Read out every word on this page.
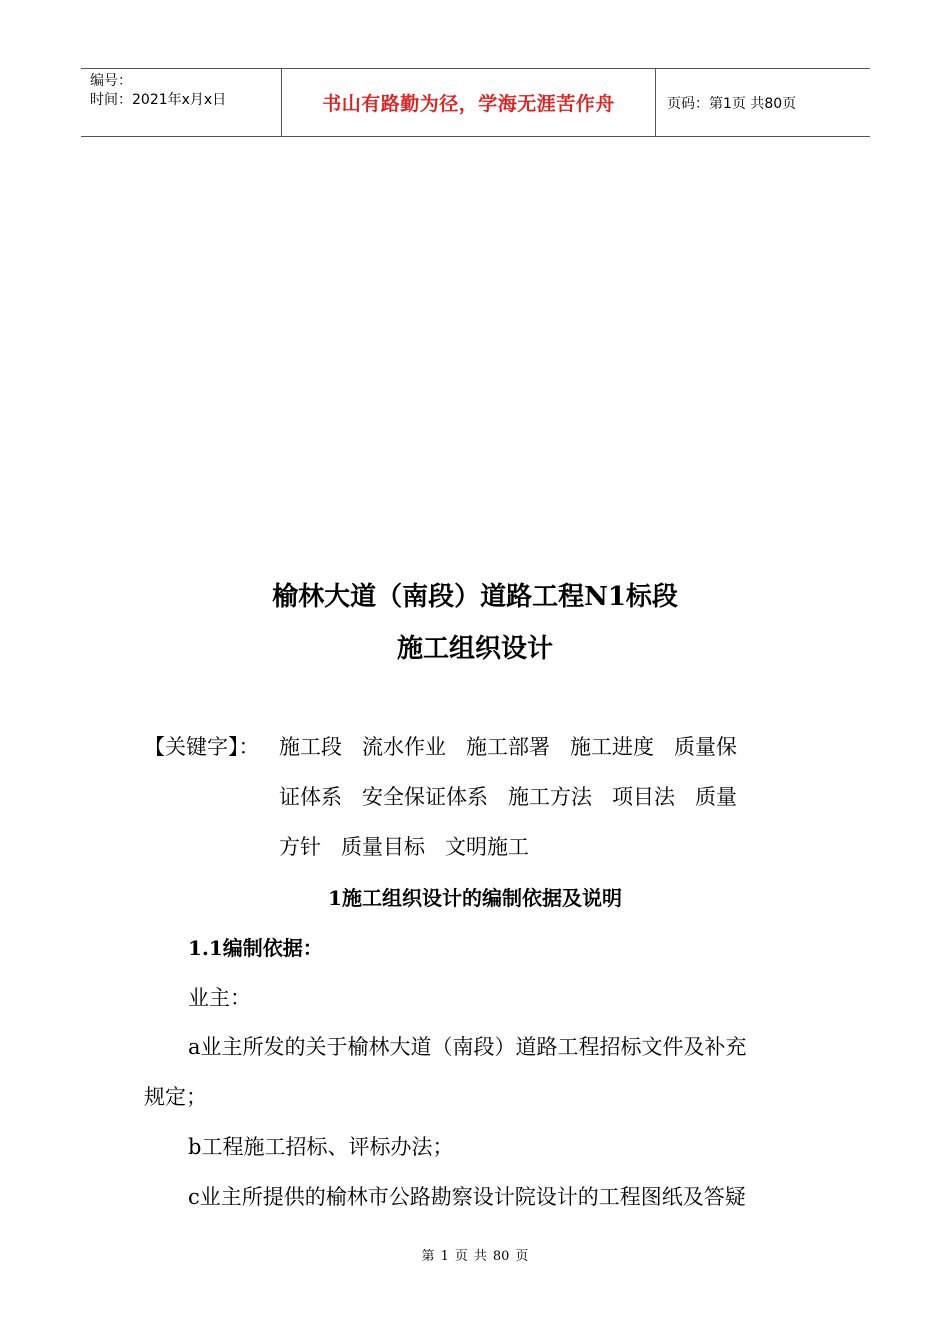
编号：
时间：2021年x月x日	书山有路勤为径，学海无涯苦作舟	页码：第1页 共80页
榆林大道（南段）道路工程N1标段
施工组织设计
【关键字】： 施工段 流水作业 施工部署 施工进度 质量保
证体系 安全保证体系 施工方法 项目法 质量
方针 质量目标 文明施工
1施工组织设计的编制依据及说明
1.1编制依据：
业主：
a业主所发的关于榆林大道（南段）道路工程招标文件及补充
规定；
b工程施工招标、评标办法；
c业主所提供的榆林市公路勘察设计院设计的工程图纸及答疑
第 1 页 共 80 页
